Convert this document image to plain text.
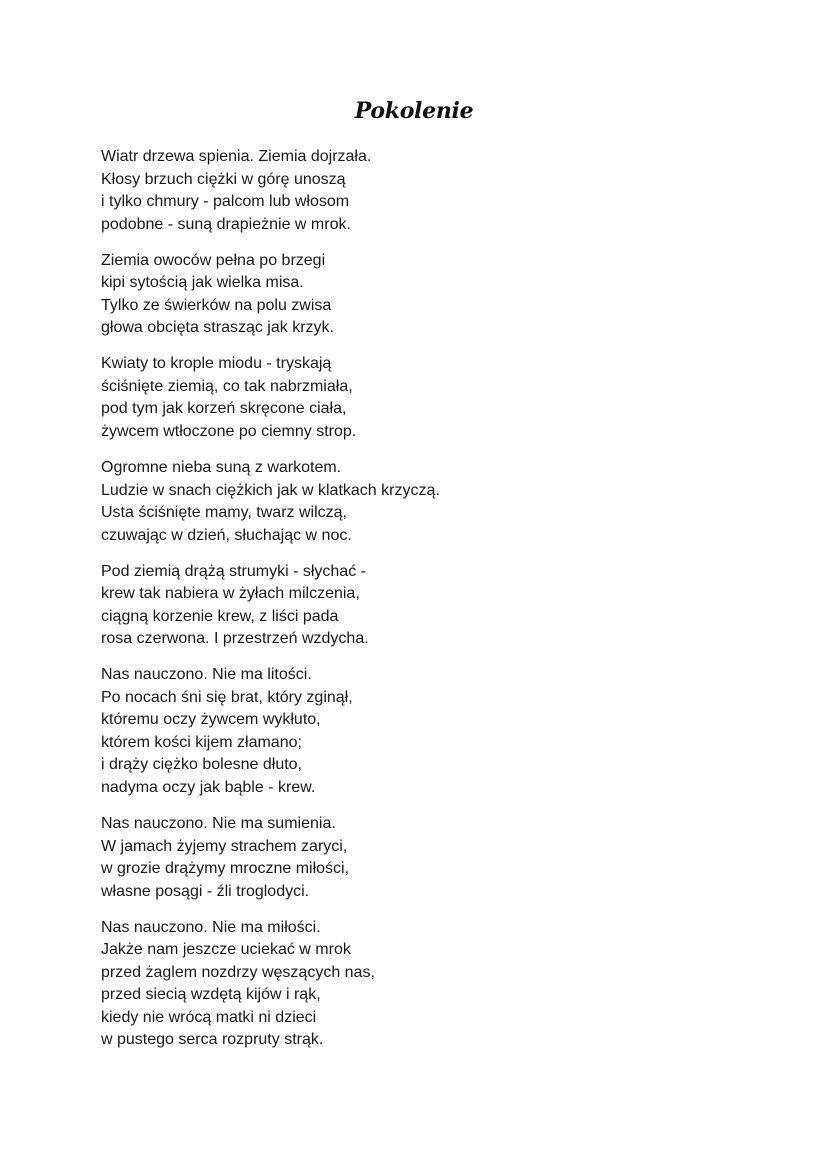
Pokolenie
Wiatr drzewa spienia. Ziemia dojrzała.
Kłosy brzuch ciężki w górę unoszą
i tylko chmury - palcom lub włosom
podobne - suną drapieżnie w mrok.
Ziemia owoców pełna po brzegi
kipi sytością jak wielka misa.
Tylko ze świerków na polu zwisa
głowa obcięta strasząc jak krzyk.
Kwiaty to krople miodu - tryskają
ściśnięte ziemią, co tak nabrzmiała,
pod tym jak korzeń skręcone ciała,
żywcem wtłoczone po ciemny strop.
Ogromne nieba suną z warkotem.
Ludzie w snach ciężkich jak w klatkach krzyczą.
Usta ściśnięte mamy, twarz wilczą,
czuwając w dzień, słuchając w noc.
Pod ziemią drążą strumyki - słychać -
krew tak nabiera w żyłach milczenia,
ciągną korzenie krew, z liści pada
rosa czerwona. I przestrzeń wzdycha.
Nas nauczono. Nie ma litości.
Po nocach śni się brat, który zginął,
któremu oczy żywcem wykłuto,
którem kości kijem złamano;
i drąży ciężko bolesne dłuto,
nadyma oczy jak bąble - krew.
Nas nauczono. Nie ma sumienia.
W jamach żyjemy strachem zaryci,
w grozie drążymy mroczne miłości,
własne posągi - źli troglodyci.
Nas nauczono. Nie ma miłości.
Jakże nam jeszcze uciekać w mrok
przed żaglem nozdrzy węszących nas,
przed siecią wzdętą kijów i rąk,
kiedy nie wrócą matki ni dzieci
w pustego serca rozpruty strąk.
